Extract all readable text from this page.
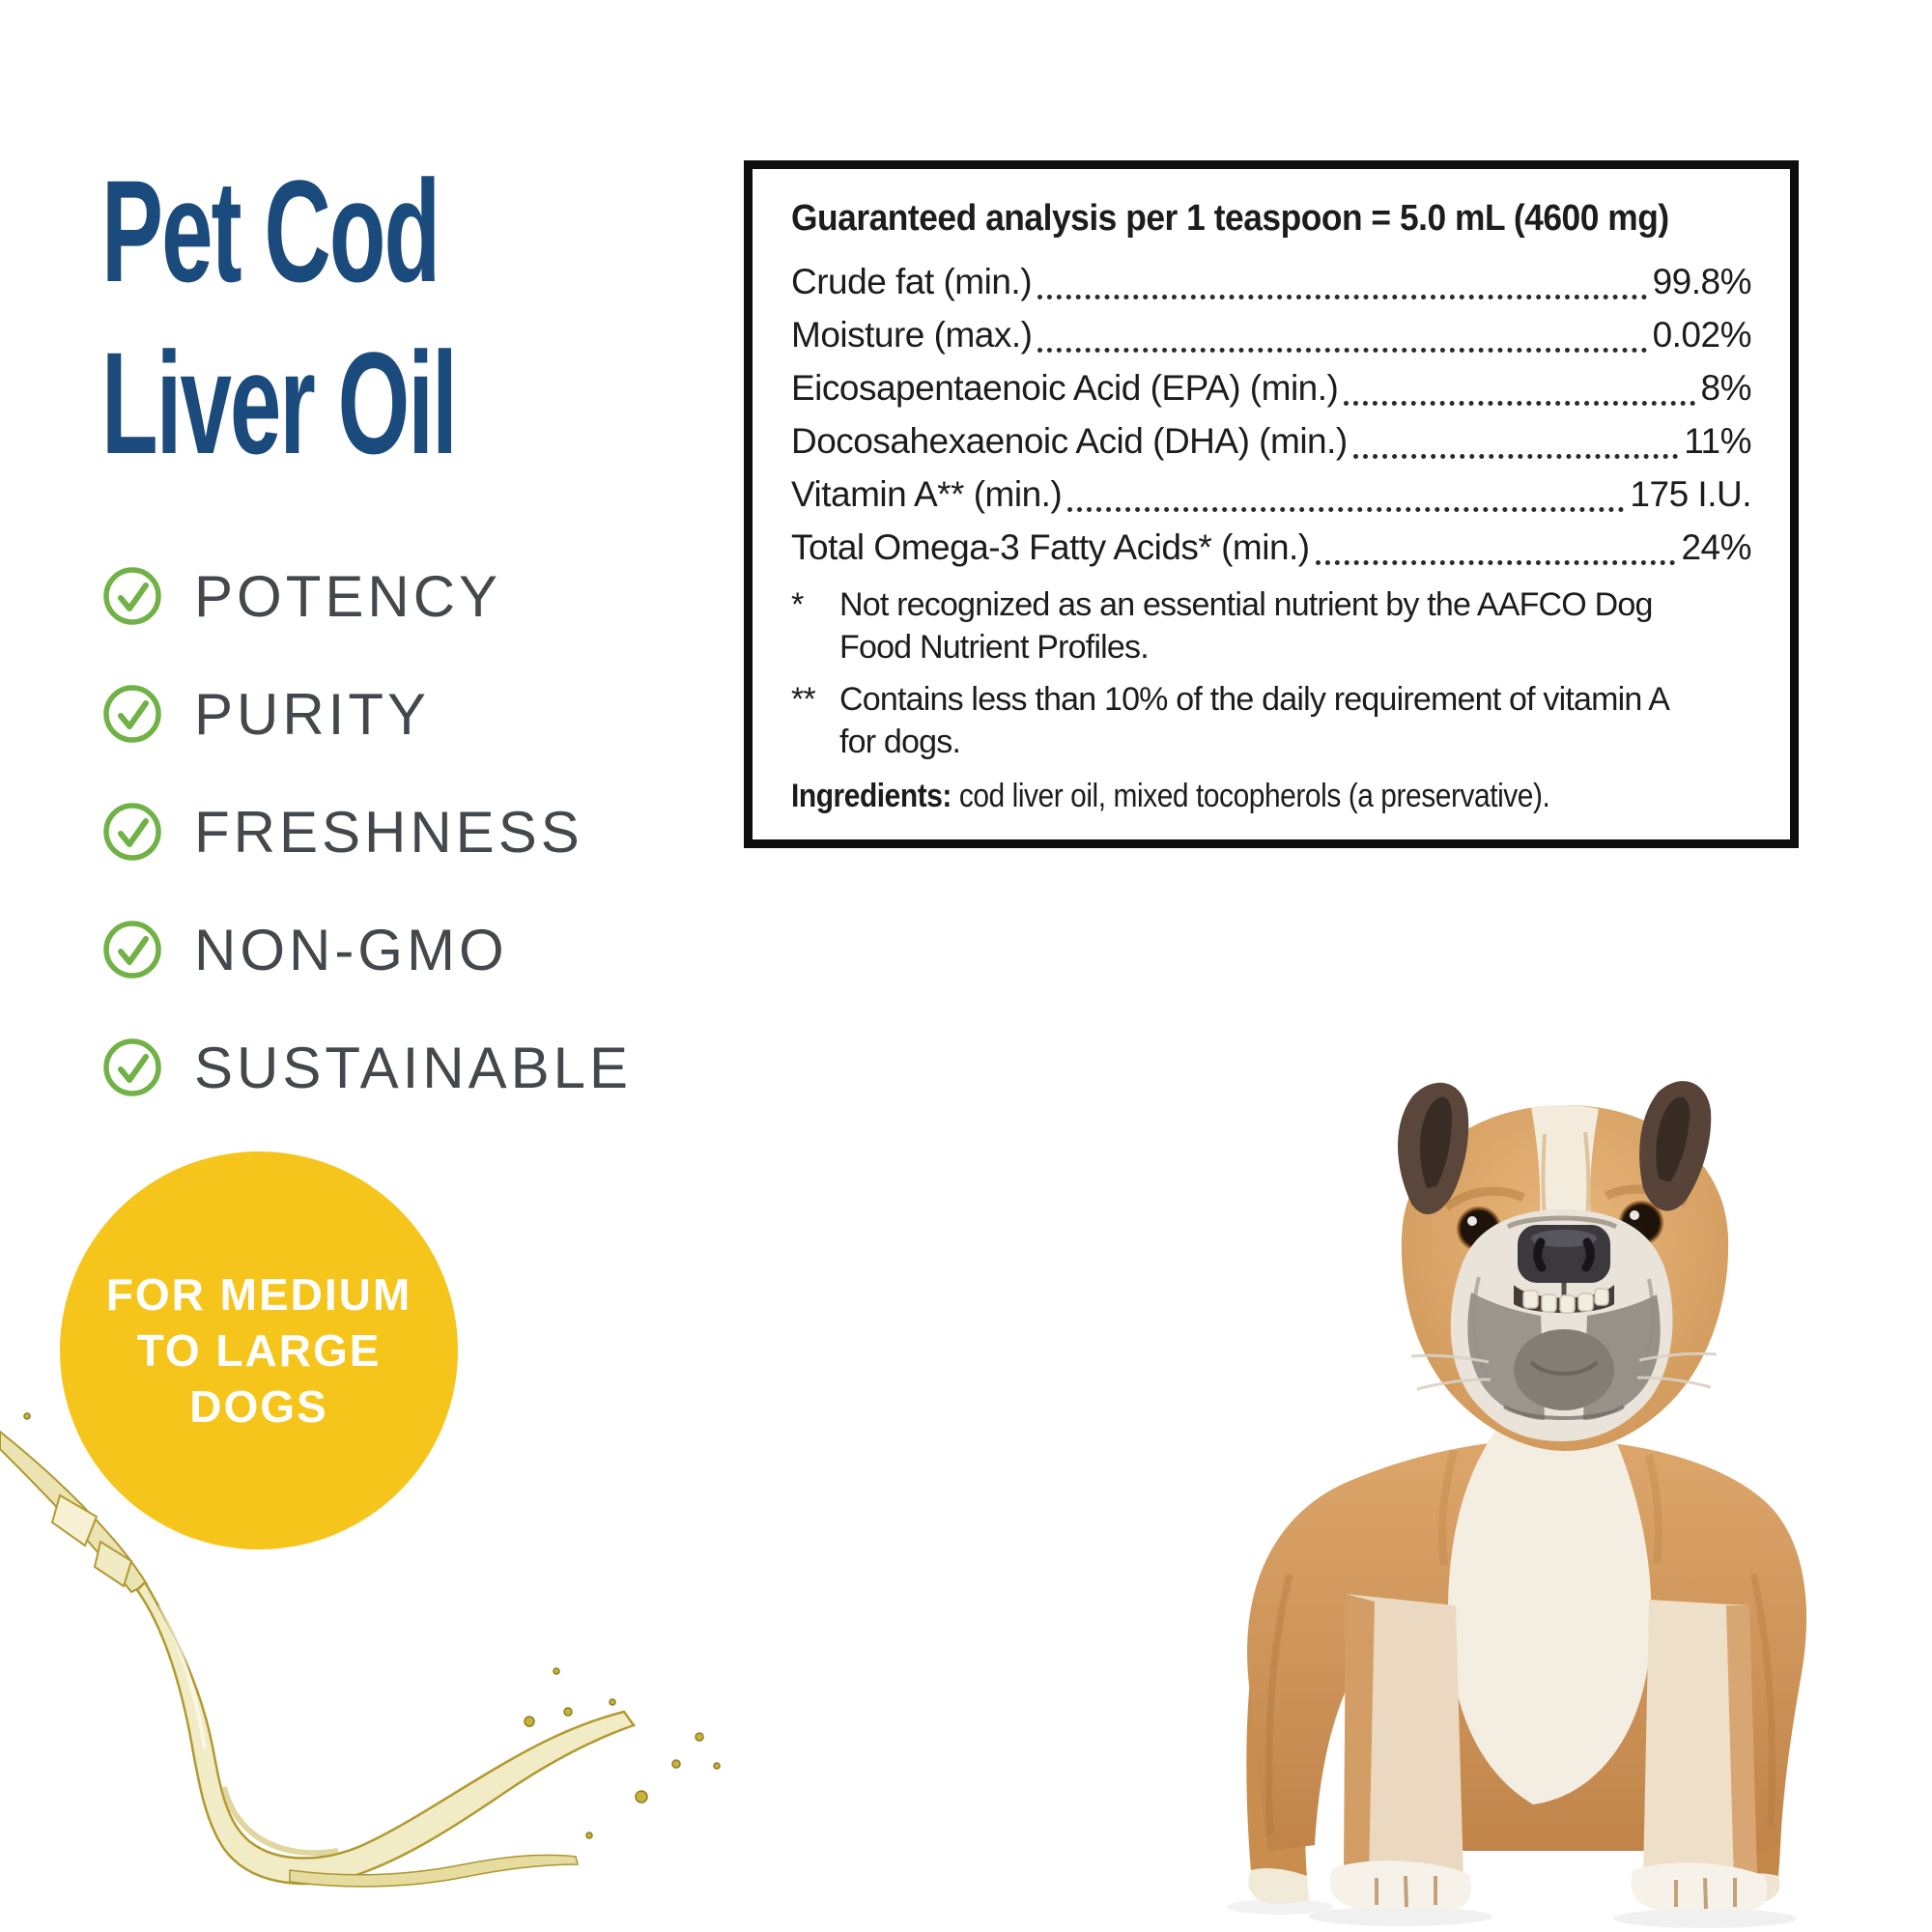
Pet Cod
Liver Oil
POTENCY
PURITY
FRESHNESS
NON-GMO
SUSTAINABLE
FOR MEDIUM
TO LARGE
DOGS
Guaranteed analysis per 1 teaspoon = 5.0 mL (4600 mg)
Crude fat (min.)	99.8%
Moisture (max.)	0.02%
Eicosapentaenoic Acid (EPA) (min.)	8%
Docosahexaenoic Acid (DHA) (min.)	11%
Vitamin A** (min.)	175 I.U.
Total Omega-3 Fatty Acids* (min.)	24%
*	Not recognized as an essential nutrient by the AAFCO Dog Food Nutrient Profiles.
** Contains less than 10% of the daily requirement of vitamin A for dogs.
Ingredients: cod liver oil, mixed tocopherols (a preservative).
